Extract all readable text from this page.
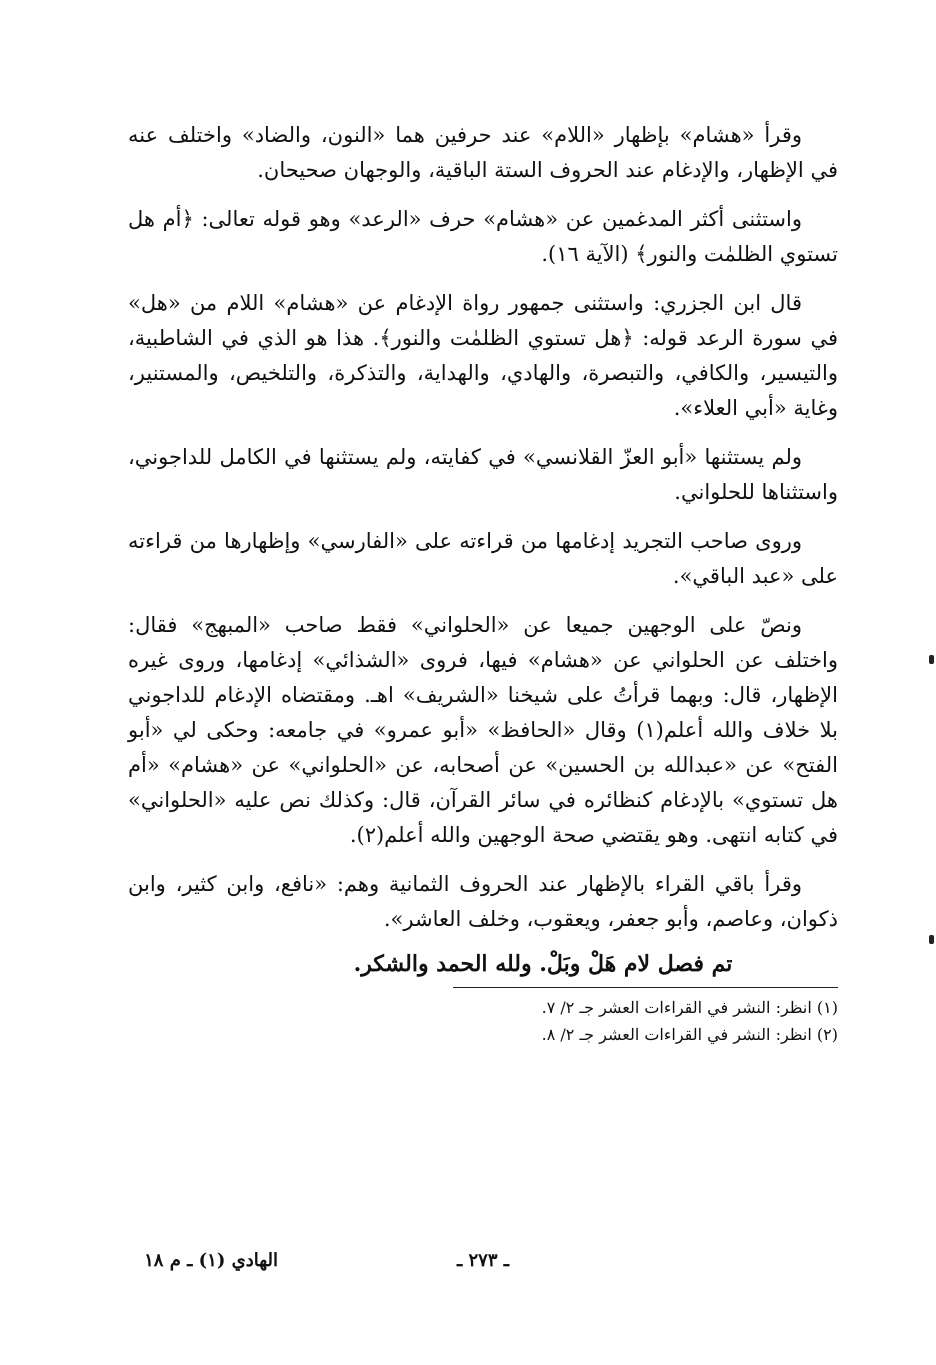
وقرأ «هشام» بإظهار «اللام» عند حرفين هما «النون، والضاد» واختلف عنه في الإظهار، والإدغام عند الحروف الستة الباقية، والوجهان صحيحان.

واستثنى أكثر المدغمين عن «هشام» حرف «الرعد» وهو قوله تعالى: ﴿أم هل تستوي الظلمٰت والنور﴾ (الآية ١٦).

قال ابن الجزري: واستثنى جمهور رواة الإدغام عن «هشام» اللام من «هل» في سورة الرعد قوله: ﴿هل تستوي الظلمٰت والنور﴾. هذا هو الذي في الشاطبية، والتيسير، والكافي، والتبصرة، والهادي، والهداية، والتذكرة، والتلخيص، والمستنير، وغاية «أبي العلاء».

ولم يستثنها «أبو العزّ القلانسي» في كفايته، ولم يستثنها في الكامل للداجوني، واستثناها للحلواني.

وروى صاحب التجريد إدغامها من قراءته على «الفارسي» وإظهارها من قراءته على «عبد الباقي».

ونصّ على الوجهين جميعا عن «الحلواني» فقط صاحب «المبهج» فقال: واختلف عن الحلواني عن «هشام» فيها، فروى «الشذائي» إدغامها، وروى غيره الإظهار، قال: وبهما قرأتُ على شيخنا «الشريف» اهـ. ومقتضاه الإدغام للداجوني بلا خلاف والله أعلم(١) وقال «الحافظ» «أبو عمرو» في جامعه: وحكى لي «أبو الفتح» عن «عبدالله بن الحسين» عن أصحابه، عن «الحلواني» عن «هشام» «أم هل تستوي» بالإدغام كنظائره في سائر القرآن، قال: وكذلك نص عليه «الحلواني» في كتابه انتهى. وهو يقتضي صحة الوجهين والله أعلم(٢).

وقرأ باقي القراء بالإظهار عند الحروف الثمانية وهم: «نافع، وابن كثير، وابن ذكوان، وعاصم، وأبو جعفر، ويعقوب، وخلف العاشر».

تم فصل لام هَلْ وبَلْ. ولله الحمد والشكر.

(١) انظر: النشر في القراءات العشر جـ ٢/ ٧.

(٢) انظر: النشر في القراءات العشر جـ ٢/ ٨.

ـ ٢٧٣ ـ
الهادي (١) ـ م ١٨
